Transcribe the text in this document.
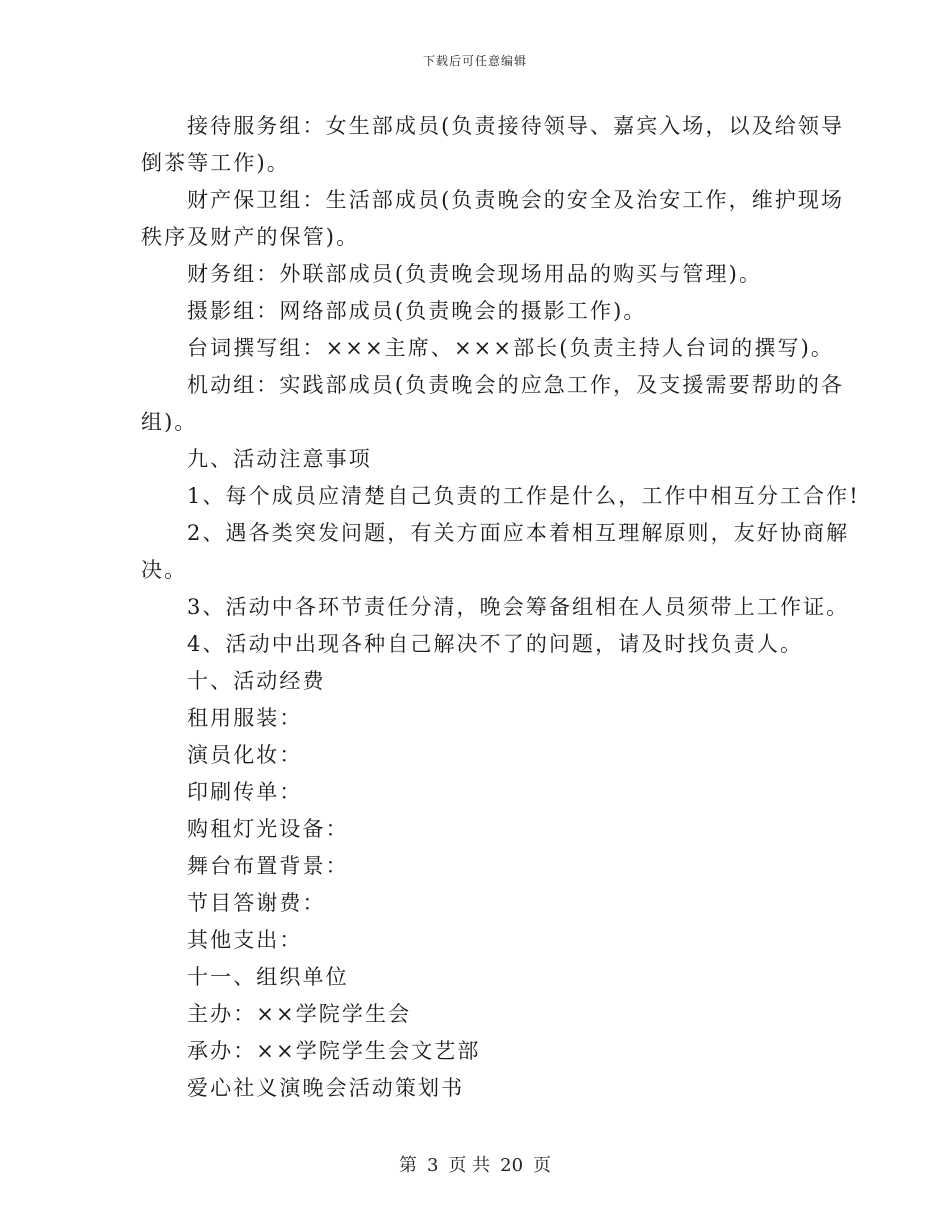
下载后可任意编辑
接待服务组：女生部成员(负责接待领导、嘉宾入场，以及给领导
倒茶等工作)。
财产保卫组：生活部成员(负责晚会的安全及治安工作，维护现场
秩序及财产的保管)。
财务组：外联部成员(负责晚会现场用品的购买与管理)。
摄影组：网络部成员(负责晚会的摄影工作)。
台词撰写组：×××主席、×××部长(负责主持人台词的撰写)。
机动组：实践部成员(负责晚会的应急工作，及支援需要帮助的各
组)。
九、活动注意事项
1、每个成员应清楚自己负责的工作是什么，工作中相互分工合作!
2、遇各类突发问题，有关方面应本着相互理解原则，友好协商解
决。
3、活动中各环节责任分清，晚会筹备组相在人员须带上工作证。
4、活动中出现各种自己解决不了的问题，请及时找负责人。
十、活动经费
租用服装：
演员化妆：
印刷传单：
购租灯光设备：
舞台布置背景：
节目答谢费：
其他支出：
十一、组织单位
主办：××学院学生会
承办：××学院学生会文艺部
爱心社义演晚会活动策划书
第 3 页 共 20 页
